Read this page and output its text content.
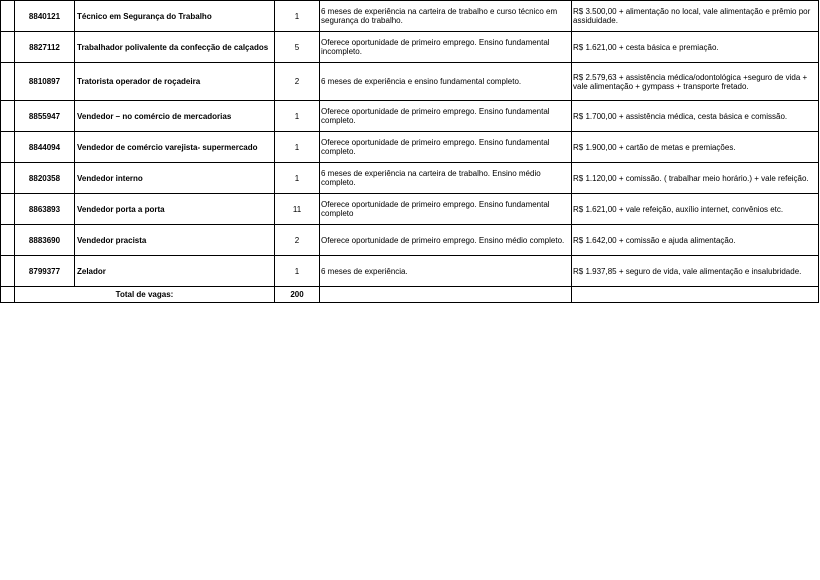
	8840121	Técnico em Segurança do Trabalho	1	6 meses de experiência na carteira de trabalho e curso técnico em segurança do trabalho.	R$ 3.500,00 + alimentação no local, vale alimentação e prêmio por assiduidade.
	8827112	Trabalhador polivalente da confecção de calçados	5	Oferece oportunidade de primeiro emprego. Ensino fundamental incompleto.	R$ 1.621,00 + cesta básica e premiação.
	8810897	Tratorista operador de roçadeira	2	6 meses de experiência e ensino fundamental completo.	R$ 2.579,63 + assistência médica/odontológica +seguro de vida + vale alimentação + gympass + transporte fretado.
	8855947	Vendedor – no comércio de mercadorias	1	Oferece oportunidade de primeiro emprego. Ensino fundamental completo.	R$ 1.700,00 + assistência médica, cesta básica e comissão.
	8844094	Vendedor de comércio varejista- supermercado	1	Oferece oportunidade de primeiro emprego. Ensino fundamental completo.	R$ 1.900,00 + cartão de metas e premiações.
	8820358	Vendedor interno	1	6 meses de experiência na carteira de trabalho. Ensino médio completo.	R$ 1.120,00 + comissão. ( trabalhar meio horário.) + vale refeição.
	8863893	Vendedor porta a porta	11	Oferece oportunidade de primeiro emprego. Ensino fundamental completo	R$ 1.621,00 + vale refeição, auxílio internet, convênios etc.
	8883690	Vendedor pracista	2	Oferece oportunidade de primeiro emprego. Ensino médio completo.	R$ 1.642,00 + comissão e ajuda alimentação.
	8799377	Zelador	1	6 meses de experiência.	R$ 1.937,85 + seguro de vida, vale alimentação e insalubridade.
	Total de vagas:		200		
